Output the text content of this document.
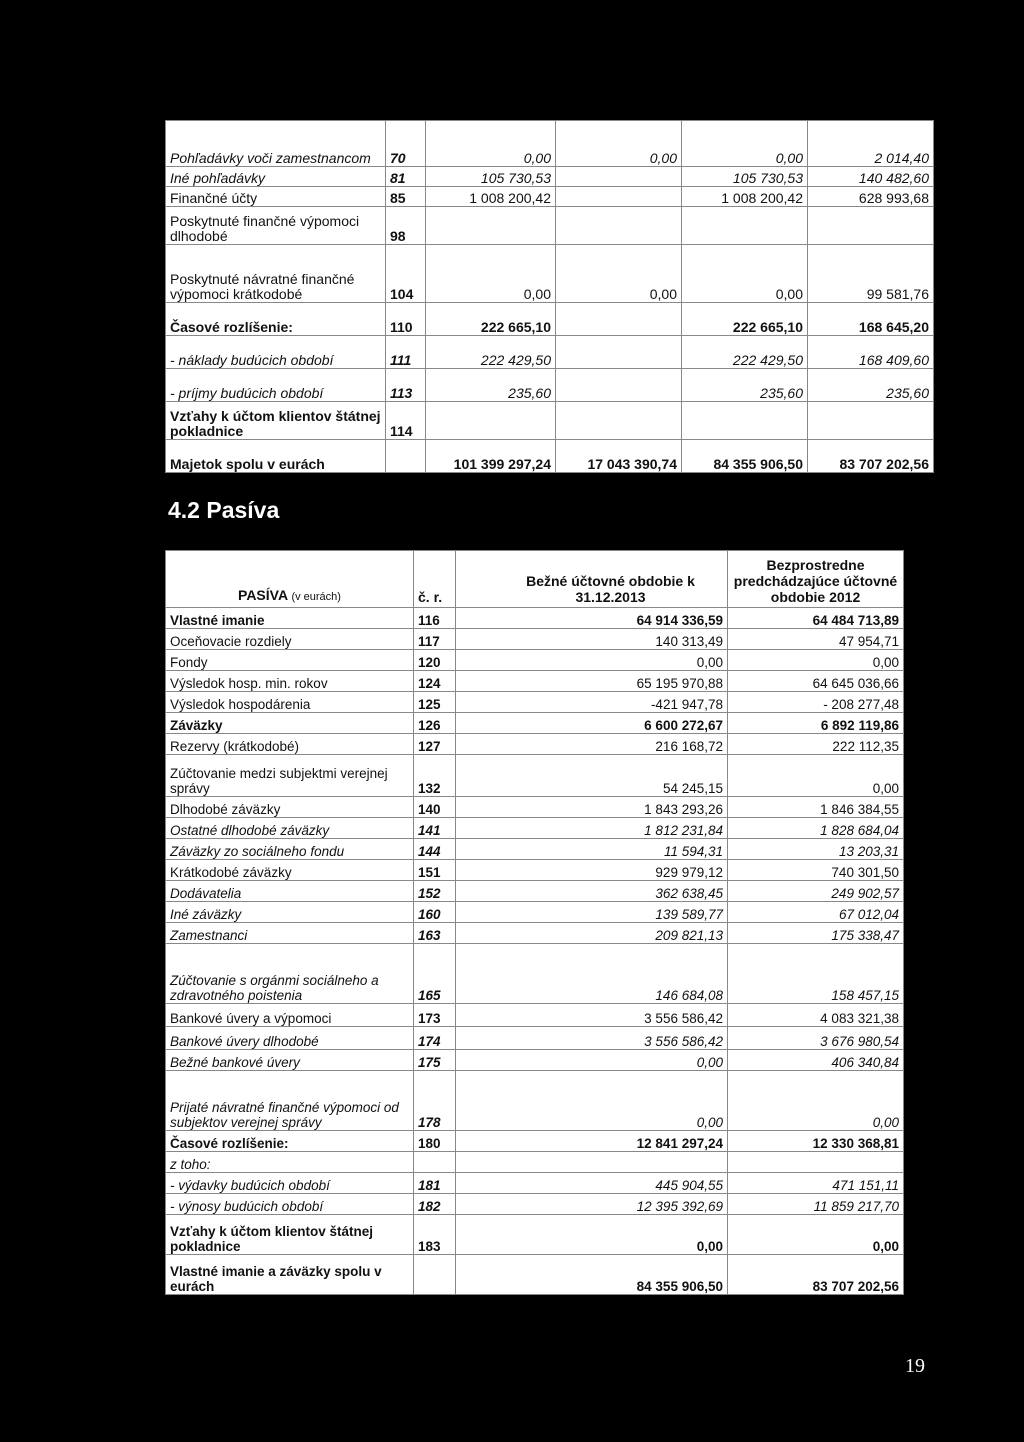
Pohľadávky voči zamestnancom	70	0,00	0,00	0,00	2 014,40
Iné pohľadávky	81	105 730,53		105 730,53	140 482,60
Finančné účty	85	1 008 200,42		1 008 200,42	628 993,68
Poskytnuté finančné výpomoci dlhodobé	98				
Poskytnuté návratné finančné výpomoci krátkodobé	104	0,00	0,00	0,00	99 581,76
Časové rozlíšenie:	110	222 665,10		222 665,10	168 645,20
- náklady budúcich období	111	222 429,50		222 429,50	168 409,60
- príjmy budúcich období	113	235,60		235,60	235,60
Vzťahy k účtom klientov štátnej pokladnice	114				
Majetok spolu v eurách		101 399 297,24	17 043 390,74	84 355 906,50	83 707 202,56
4.2 Pasíva
PASÍVA (v eurách)	č. r.	Bežné účtovné obdobie k 31.12.2013	Bezprostredne predchádzajúce účtovné obdobie 2012
Vlastné imanie	116	64 914 336,59	64 484 713,89
Oceňovacie rozdiely	117	140 313,49	47 954,71
Fondy	120	0,00	0,00
Výsledok hosp. min. rokov	124	65 195 970,88	64 645 036,66
Výsledok hospodárenia	125	-421 947,78	- 208 277,48
Záväzky	126	6 600 272,67	6 892 119,86
Rezervy (krátkodobé)	127	216 168,72	222 112,35
Zúčtovanie medzi subjektmi verejnej správy	132	54 245,15	0,00
Dlhodobé záväzky	140	1 843 293,26	1 846 384,55
Ostatné dlhodobé záväzky	141	1 812 231,84	1 828 684,04
Záväzky zo sociálneho fondu	144	11 594,31	13 203,31
Krátkodobé záväzky	151	929 979,12	740 301,50
Dodávatelia	152	362 638,45	249 902,57
Iné záväzky	160	139 589,77	67 012,04
Zamestnanci	163	209 821,13	175 338,47
Zúčtovanie s orgánmi sociálneho a zdravotného poistenia	165	146 684,08	158 457,15
Bankové úvery a výpomoci	173	3 556 586,42	4 083 321,38
Bankové úvery dlhodobé	174	3 556 586,42	3 676 980,54
Bežné bankové úvery	175	0,00	406 340,84
Prijaté návratné finančné výpomoci od subjektov verejnej správy	178	0,00	0,00
Časové rozlíšenie:	180	12 841 297,24	12 330 368,81
z toho:			
- výdavky budúcich období	181	445 904,55	471 151,11
- výnosy budúcich období	182	12 395 392,69	11 859 217,70
Vzťahy k účtom klientov štátnej pokladnice	183	0,00	0,00
Vlastné imanie a záväzky spolu v eurách		84 355 906,50	83 707 202,56

19
